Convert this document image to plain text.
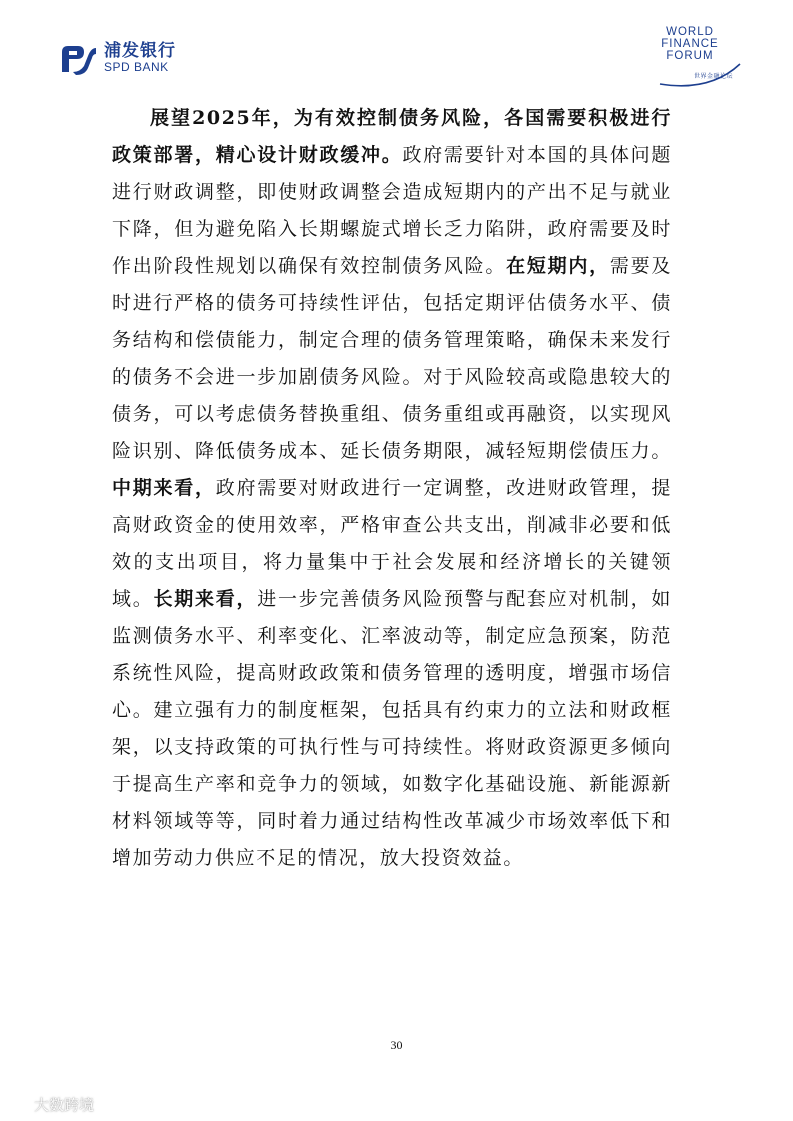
浦发银行
SPD BANK
WORLD
FINANCE
FORUM
世界金融论坛

展望2025年，为有效控制债务风险，各国需要积极进行政策部署，精心设计财政缓冲。政府需要针对本国的具体问题进行财政调整，即使财政调整会造成短期内的产出不足与就业下降，但为避免陷入长期螺旋式增长乏力陷阱，政府需要及时作出阶段性规划以确保有效控制债务风险。在短期内，需要及时进行严格的债务可持续性评估，包括定期评估债务水平、债务结构和偿债能力，制定合理的债务管理策略，确保未来发行的债务不会进一步加剧债务风险。对于风险较高或隐患较大的债务，可以考虑债务替换重组、债务重组或再融资，以实现风险识别、降低债务成本、延长债务期限，减轻短期偿债压力。中期来看，政府需要对财政进行一定调整，改进财政管理，提高财政资金的使用效率，严格审查公共支出，削减非必要和低效的支出项目，将力量集中于社会发展和经济增长的关键领域。长期来看，进一步完善债务风险预警与配套应对机制，如监测债务水平、利率变化、汇率波动等，制定应急预案，防范系统性风险，提高财政政策和债务管理的透明度，增强市场信心。建立强有力的制度框架，包括具有约束力的立法和财政框架，以支持政策的可执行性与可持续性。将财政资源更多倾向于提高生产率和竞争力的领域，如数字化基础设施、新能源新材料领域等等，同时着力通过结构性改革减少市场效率低下和增加劳动力供应不足的情况，放大投资效益。

30
大数跨境
